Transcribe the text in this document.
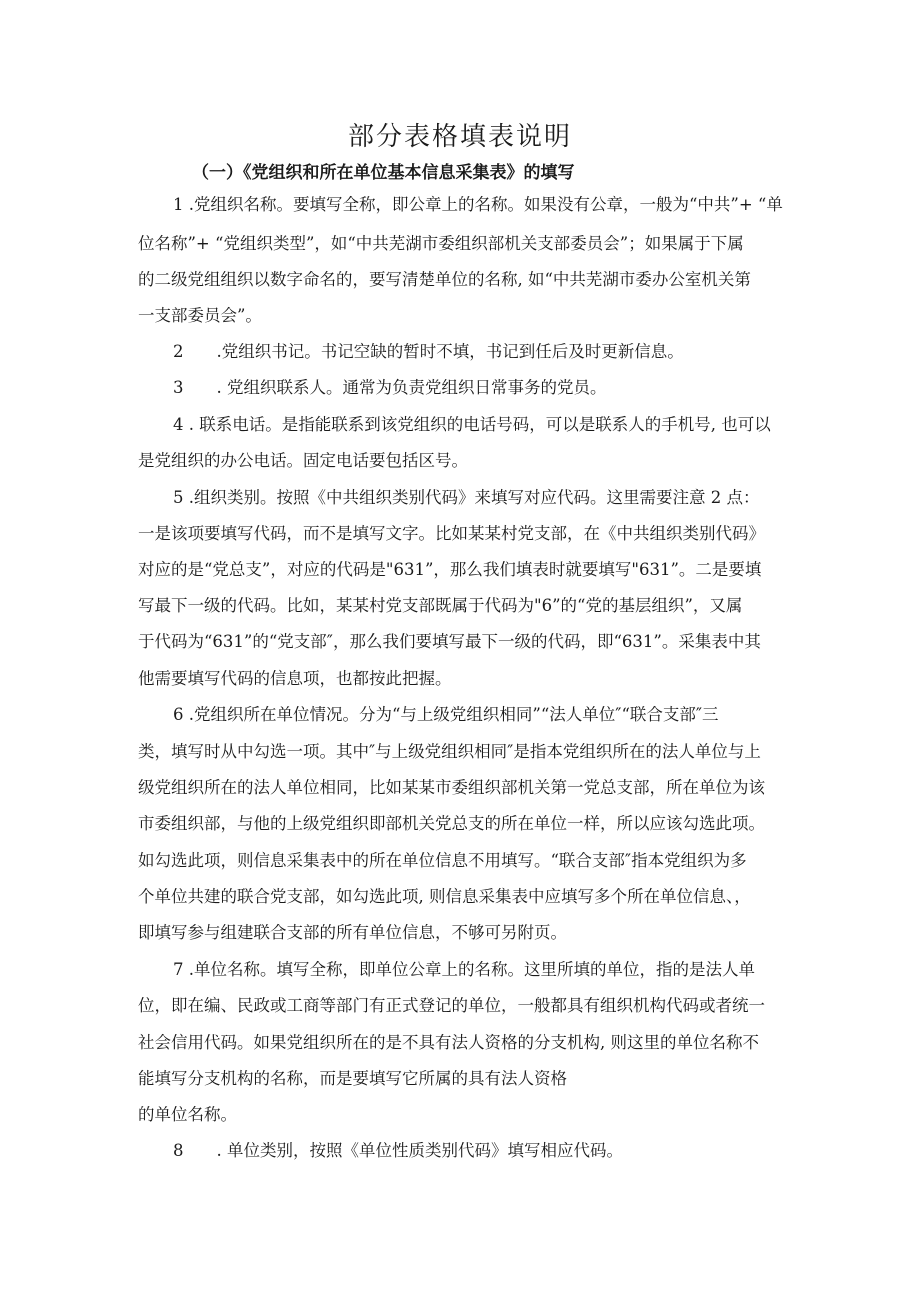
部分表格填表说明
（一）《党组织和所在单位基本信息采集表》的填写
1 .党组织名称。要填写全称，即公章上的名称。如果没有公章，一般为“中共”+ “单
位名称”+ “党组织类型”，如“中共芜湖市委组织部机关支部委员会”；如果属于下属
的二级党组组织以数字命名的，要写清楚单位的名称, 如“中共芜湖市委办公室机关第
一支部委员会”。
2　　.党组织书记。书记空缺的暂时不填，书记到任后及时更新信息。
3　　. 党组织联系人。通常为负责党组织日常事务的党员。
4 . 联系电话。是指能联系到该党组织的电话号码，可以是联系人的手机号, 也可以
是党组织的办公电话。固定电话要包括区号。
5 .组织类别。按照《中共组织类别代码》来填写对应代码。这里需要注意 2 点：
一是该项要填写代码，而不是填写文字。比如某某村党支部，在《中共组织类别代码》
对应的是“党总支”，对应的代码是"631”，那么我们填表时就要填写"631”。二是要填
写最下一级的代码。比如，某某村党支部既属于代码为"6”的“党的基层组织”，又属
于代码为“631”的“党支部″，那么我们要填写最下一级的代码，即“631”。采集表中其
他需要填写代码的信息项，也都按此把握。
6 .党组织所在单位情况。分为“与上级党组织相同”“法人单位″“联合支部″三
类，填写时从中勾选一项。其中″与上级党组织相同″是指本党组织所在的法人单位与上
级党组织所在的法人单位相同，比如某某市委组织部机关第一党总支部，所在单位为该
市委组织部，与他的上级党组织即部机关党总支的所在单位一样，所以应该勾选此项。
如勾选此项，则信息采集表中的所在单位信息不用填写。“联合支部″指本党组织为多
个单位共建的联合党支部，如勾选此项, 则信息采集表中应填写多个所在单位信息、，
即填写参与组建联合支部的所有单位信息，不够可另附页。
7 .单位名称。填写全称，即单位公章上的名称。这里所填的单位，指的是法人单
位，即在编、民政或工商等部门有正式登记的单位，一般都具有组织机构代码或者统一
社会信用代码。如果党组织所在的是不具有法人资格的分支机构, 则这里的单位名称不
能填写分支机构的名称，而是要填写它所属的具有法人资格
的单位名称。
8　　. 单位类别，按照《单位性质类别代码》填写相应代码。
